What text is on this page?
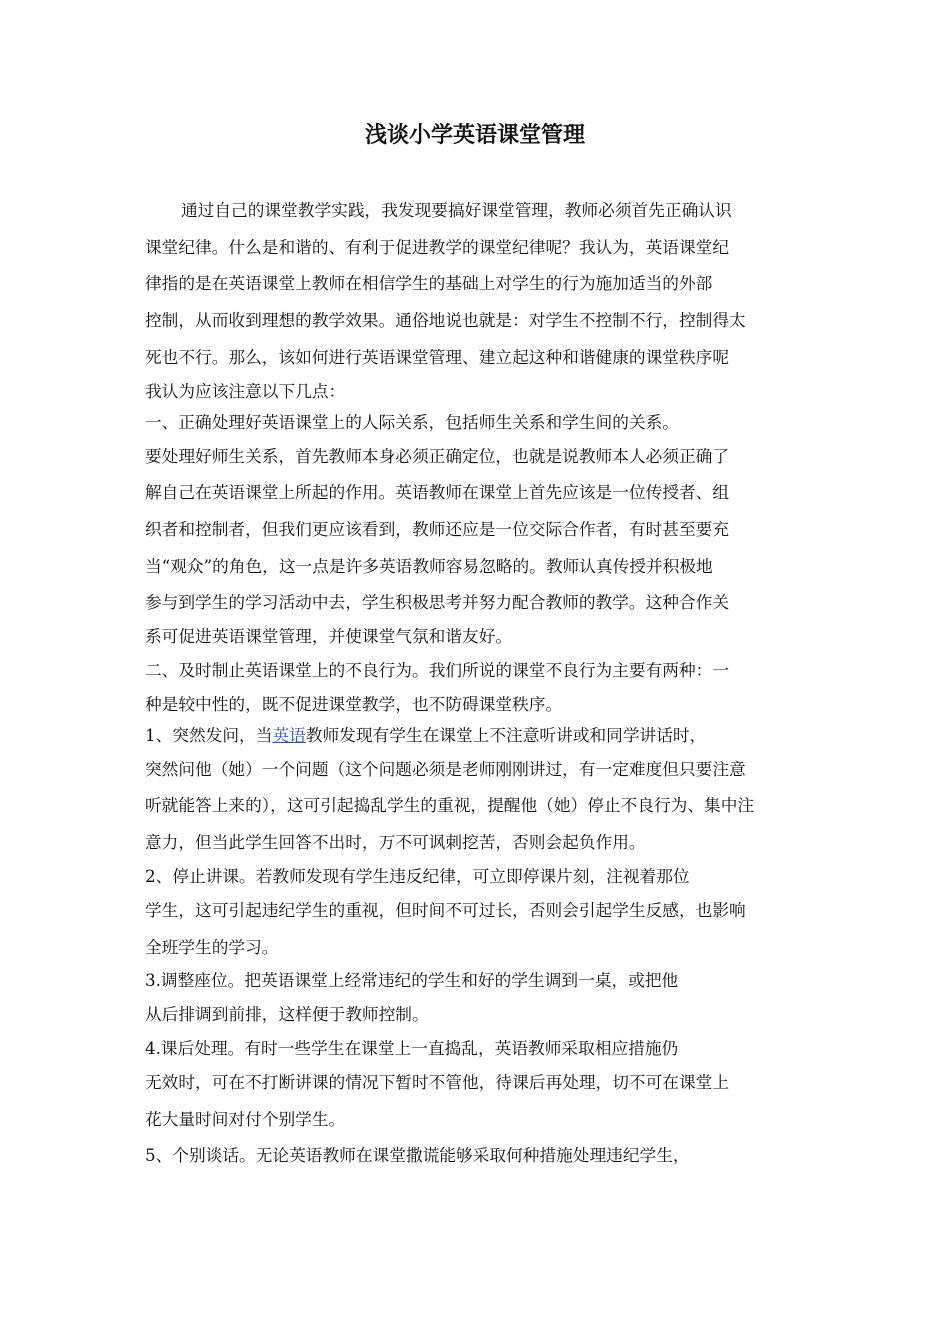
浅谈小学英语课堂管理

通过自己的课堂教学实践，我发现要搞好课堂管理，教师必须首先正确认识

课堂纪律。什么是和谐的、有利于促进教学的课堂纪律呢？我认为，英语课堂纪

律指的是在英语课堂上教师在相信学生的基础上对学生的行为施加适当的外部

控制，从而收到理想的教学效果。通俗地说也就是：对学生不控制不行，控制得太

死也不行。那么，该如何进行英语课堂管理、建立起这种和谐健康的课堂秩序呢

我认为应该注意以下几点：

一、正确处理好英语课堂上的人际关系，包括师生关系和学生间的关系。

要处理好师生关系，首先教师本身必须正确定位，也就是说教师本人必须正确了

解自己在英语课堂上所起的作用。英语教师在课堂上首先应该是一位传授者、组

织者和控制者，但我们更应该看到，教师还应是一位交际合作者，有时甚至要充

当“观众”的角色，这一点是许多英语教师容易忽略的。教师认真传授并积极地

参与到学生的学习活动中去，学生积极思考并努力配合教师的教学。这种合作关

系可促进英语课堂管理，并使课堂气氛和谐友好。

二、及时制止英语课堂上的不良行为。我们所说的课堂不良行为主要有两种：一

种是较中性的，既不促进课堂教学，也不防碍课堂秩序。

1、突然发问，当英语教师发现有学生在课堂上不注意听讲或和同学讲话时，

突然问他（她）一个问题（这个问题必须是老师刚刚讲过，有一定难度但只要注意

听就能答上来的），这可引起捣乱学生的重视，提醒他（她）停止不良行为、集中注

意力，但当此学生回答不出时，万不可讽刺挖苦，否则会起负作用。

2、停止讲课。若教师发现有学生违反纪律，可立即停课片刻，注视着那位

学生，这可引起违纪学生的重视，但时间不可过长，否则会引起学生反感，也影响

全班学生的学习。

3.调整座位。把英语课堂上经常违纪的学生和好的学生调到一桌，或把他

从后排调到前排，这样便于教师控制。

4.课后处理。有时一些学生在课堂上一直捣乱，英语教师采取相应措施仍

无效时，可在不打断讲课的情况下暂时不管他，待课后再处理，切不可在课堂上

花大量时间对付个别学生。

5、个别谈话。无论英语教师在课堂撒谎能够采取何种措施处理违纪学生，
